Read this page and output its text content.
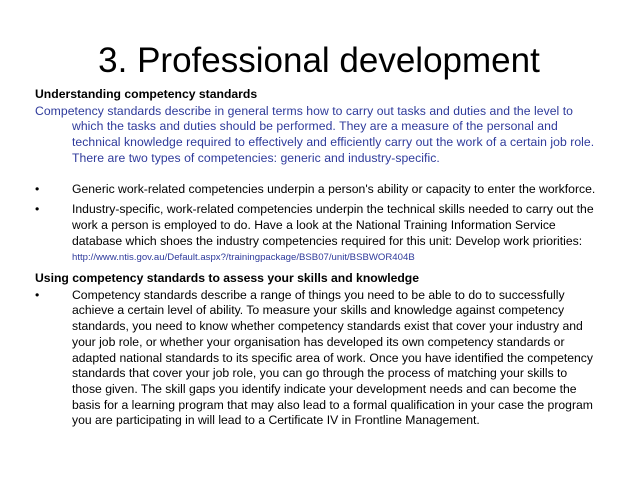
3. Professional development

Understanding competency standards

Competency standards describe in general terms how to carry out tasks and duties and the level to which the tasks and duties should be performed. They are a measure of the personal and technical knowledge required to effectively and efficiently carry out the work of a certain job role. There are two types of competencies: generic and industry-specific.

•	Generic work-related competencies underpin a person's ability or capacity to enter the workforce.
•	Industry-specific, work-related competencies underpin the technical skills needed to carry out the work a person is employed to do. Have a look at the National Training Information Service database which shoes the industry competencies required for this unit: Develop work priorities: http://www.ntis.gov.au/Default.aspx?/trainingpackage/BSB07/unit/BSBWOR404B

Using competency standards to assess your skills and knowledge

•	Competency standards describe a range of things you need to be able to do to successfully achieve a certain level of ability. To measure your skills and knowledge against competency standards, you need to know whether competency standards exist that cover your industry and your job role, or whether your organisation has developed its own competency standards or adapted national standards to its specific area of work. Once you have identified the competency standards that cover your job role, you can go through the process of matching your skills to those given. The skill gaps you identify indicate your development needs and can become the basis for a learning program that may also lead to a formal qualification in your case the program you are participating in will lead to a Certificate IV in Frontline Management.
